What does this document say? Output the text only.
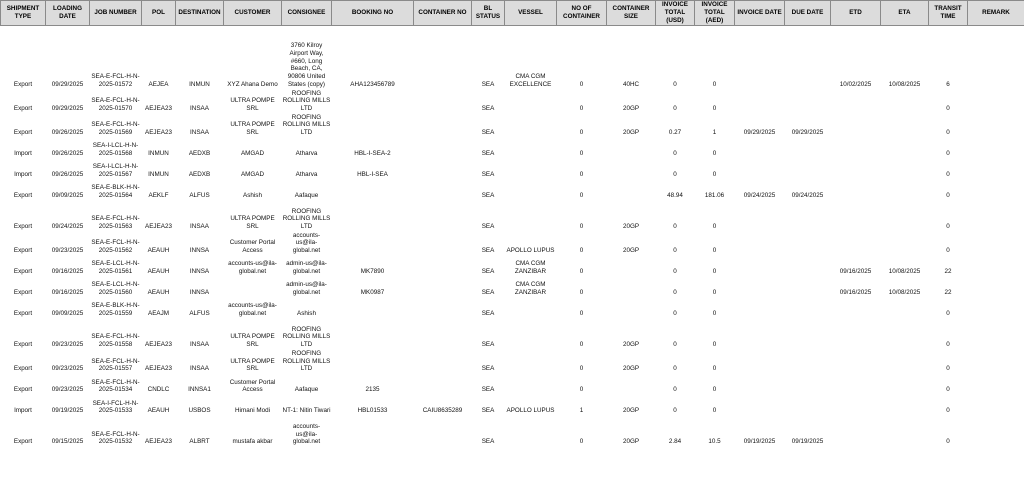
SHIPMENT TYPE	LOADING DATE	JOB NUMBER	POL	DESTINATION	CUSTOMER	CONSIGNEE	BOOKING NO	CONTAINER NO	BL STATUS	VESSEL	NO OF CONTAINER	CONTAINER SIZE	INVOICE TOTAL (USD)	INVOICE TOTAL (AED)	INVOICE DATE	DUE DATE	ETD	ETA	TRANSIT TIME	REMARK
Export	09/29/2025	SEA-E-FCL-H-N-2025-01572	AEJEA	INMUN	XYZ Ahana Demo	3760 Kilroy Airport Way, #660, Long Beach, CA, 90806 United States (copy)	AHA123456789		SEA	CMA CGM EXCELLENCE	0	40HC	0	0			10/02/2025	10/08/2025	6	
Export	09/29/2025	SEA-E-FCL-H-N-2025-01570	AEJEA23	INSAA	ULTRA POMPE SRL	ROOFING ROLLING MILLS LTD			SEA		0	20GP	0	0					0	
Export	09/26/2025	SEA-E-FCL-H-N-2025-01569	AEJEA23	INSAA	ULTRA POMPE SRL	ROOFING ROLLING MILLS LTD			SEA		0	20GP	0.27	1	09/29/2025	09/29/2025			0	
Import	09/26/2025	SEA-I-LCL-H-N-2025-01568	INMUN	AEDXB	AMGAD	Atharva	HBL-I-SEA-2		SEA		0		0	0					0	
Import	09/26/2025	SEA-I-LCL-H-N-2025-01567	INMUN	AEDXB	AMGAD	Atharva	HBL-I-SEA		SEA		0		0	0					0	
Export	09/09/2025	SEA-E-BLK-H-N-2025-01564	AEKLF	ALFUS	Ashish	Aafaque			SEA		0		48.94	181.06	09/24/2025	09/24/2025			0	
Export	09/24/2025	SEA-E-FCL-H-N-2025-01563	AEJEA23	INSAA	ULTRA POMPE SRL	ROOFING ROLLING MILLS LTD			SEA		0	20GP	0	0					0	
Export	09/23/2025	SEA-E-FCL-H-N-2025-01562	AEAUH	INNSA	Customer Portal Access	accounts-us@ila-global.net			SEA	APOLLO LUPUS	0	20GP	0	0					0	
Export	09/16/2025	SEA-E-LCL-H-N-2025-01561	AEAUH	INNSA	accounts-us@ila-global.net	admin-us@ila-global.net	MK7890		SEA	CMA CGM ZANZIBAR	0		0	0			09/16/2025	10/08/2025	22	
Export	09/16/2025	SEA-E-LCL-H-N-2025-01560	AEAUH	INNSA		admin-us@ila-global.net	MK0987		SEA	CMA CGM ZANZIBAR	0		0	0			09/16/2025	10/08/2025	22	
Export	09/09/2025	SEA-E-BLK-H-N-2025-01559	AEAJM	ALFUS	accounts-us@ila-global.net	Ashish			SEA		0		0	0					0	
Export	09/23/2025	SEA-E-FCL-H-N-2025-01558	AEJEA23	INSAA	ULTRA POMPE SRL	ROOFING ROLLING MILLS LTD			SEA		0	20GP	0	0					0	
Export	09/23/2025	SEA-E-FCL-H-N-2025-01557	AEJEA23	INSAA	ULTRA POMPE SRL	ROOFING ROLLING MILLS LTD			SEA		0	20GP	0	0					0	
Export	09/23/2025	SEA-E-FCL-H-N-2025-01534	CNDLC	INNSA1	Customer Portal Access	Aafaque	2135		SEA		0		0	0					0	
Import	09/19/2025	SEA-I-FCL-H-N-2025-01533	AEAUH	USBOS	Himani Modi	NT-1: Nitin Tiwari	HBL01533	CAIU8635289	SEA	APOLLO LUPUS	1	20GP	0	0					0	
Export	09/15/2025	SEA-E-FCL-H-N-2025-01532	AEJEA23	ALBRT	mustafa akbar	accounts-us@ila-global.net			SEA		0	20GP	2.84	10.5	09/19/2025	09/19/2025			0	
